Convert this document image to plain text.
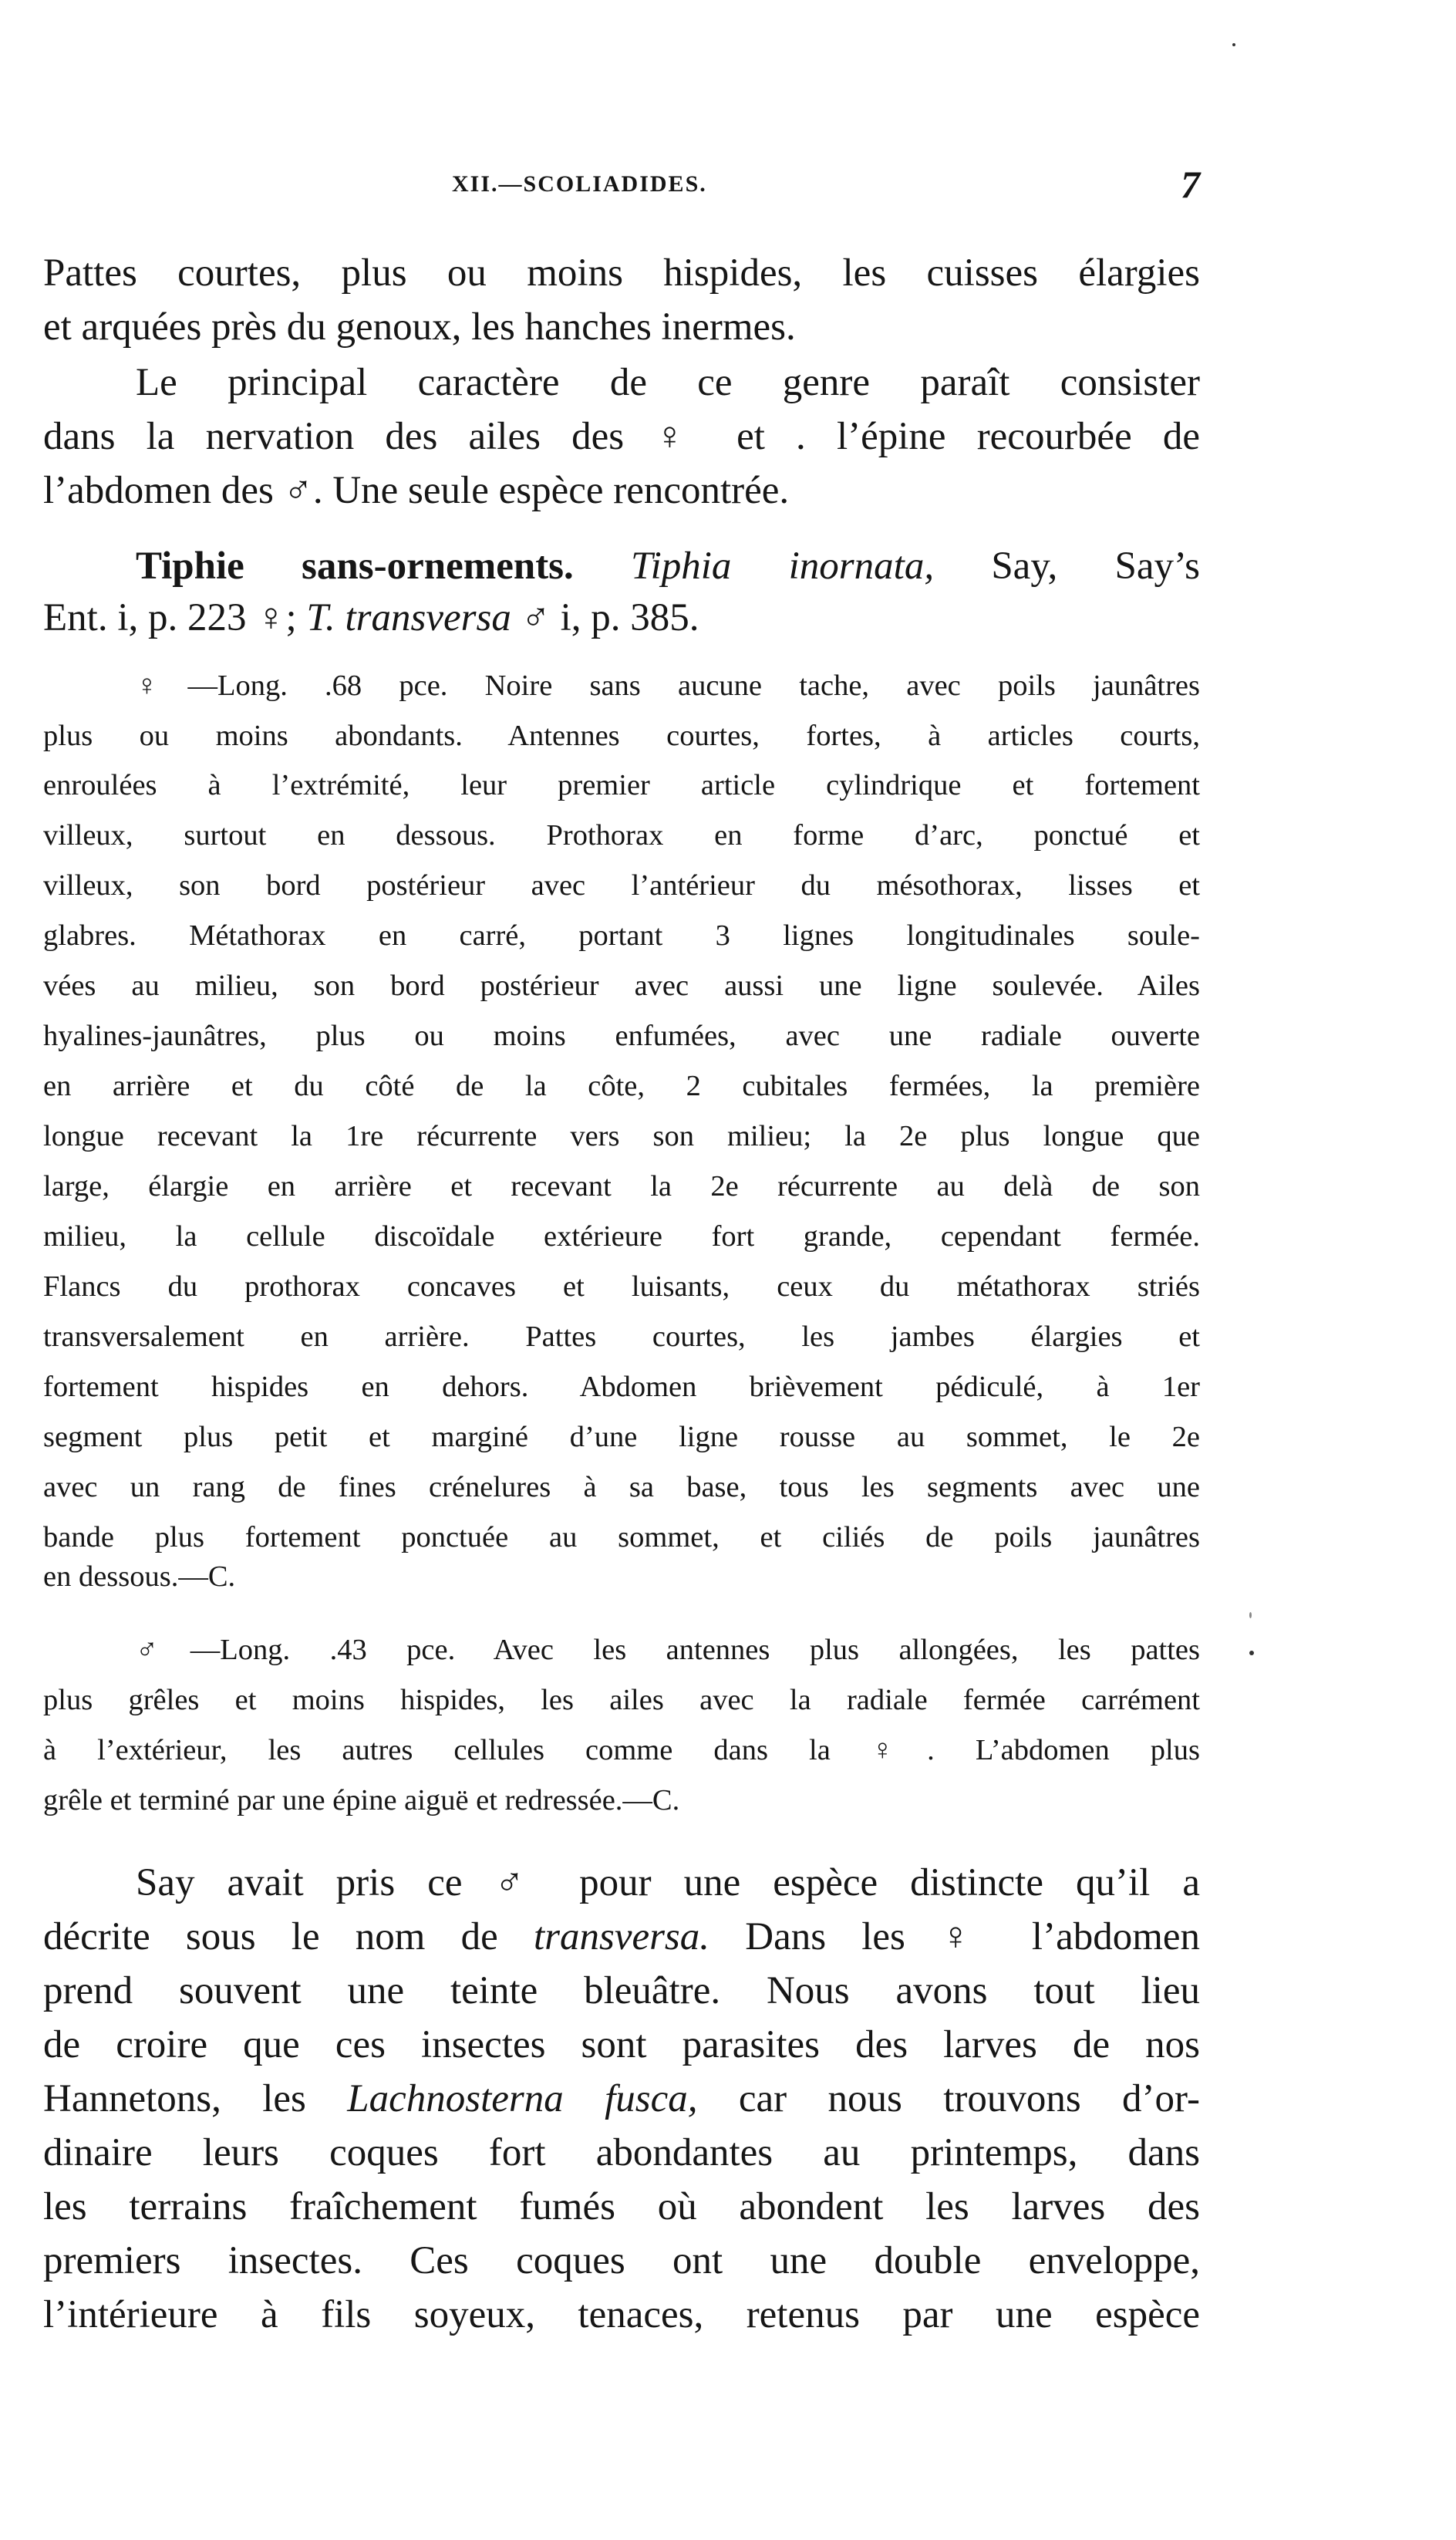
XII.—SCOLIADIDES.	7
Pattes courtes, plus ou moins hispides, les cuisses élargies
et arquées près du genoux, les hanches inermes.
Le principal caractère de ce genre paraît consister
dans la nervation des ailes des ♀ et . l’épine recourbée de
l’abdomen des ♂. Une seule espèce rencontrée.
Tiphie sans-ornements. Tiphia inornata, Say, Say’s
Ent. i, p. 223 ♀; T. transversa ♂ i, p. 385.
♀—Long. .68 pce. Noire sans aucune tache, avec poils jaunâtres
plus ou moins abondants. Antennes courtes, fortes, à articles courts,
enroulées à l’extrémité, leur premier article cylindrique et fortement
villeux, surtout en dessous. Prothorax en forme d’arc, ponctué et
villeux, son bord postérieur avec l’antérieur du mésothorax, lisses et
glabres. Métathorax en carré, portant 3 lignes longitudinales soule-
vées au milieu, son bord postérieur avec aussi une ligne soulevée. Ailes
hyalines-jaunâtres, plus ou moins enfumées, avec une radiale ouverte
en arrière et du côté de la côte, 2 cubitales fermées, la première
longue recevant la 1re récurrente vers son milieu; la 2e plus longue que
large, élargie en arrière et recevant la 2e récurrente au delà de son
milieu, la cellule discoïdale extérieure fort grande, cependant fermée.
Flancs du prothorax concaves et luisants, ceux du métathorax striés
transversalement en arrière. Pattes courtes, les jambes élargies et
fortement hispides en dehors. Abdomen brièvement pédiculé, à 1er
segment plus petit et marginé d’une ligne rousse au sommet, le 2e
avec un rang de fines crénelures à sa base, tous les segments avec une
bande plus fortement ponctuée au sommet, et ciliés de poils jaunâtres
en dessous.—C.
♂—Long. .43 pce. Avec les antennes plus allongées, les pattes
plus grêles et moins hispides, les ailes avec la radiale fermée carrément
à l’extérieur, les autres cellules comme dans la ♀. L’abdomen plus
grêle et terminé par une épine aiguë et redressée.—C.
Say avait pris ce ♂ pour une espèce distincte qu’il a
décrite sous le nom de transversa. Dans les ♀ l’abdomen
prend souvent une teinte bleuâtre. Nous avons tout lieu
de croire que ces insectes sont parasites des larves de nos
Hannetons, les Lachnosterna fusca, car nous trouvons d’or-
dinaire leurs coques fort abondantes au printemps, dans
les terrains fraîchement fumés où abondent les larves des
premiers insectes. Ces coques ont une double enveloppe,
l’intérieure à fils soyeux, tenaces, retenus par une espèce
